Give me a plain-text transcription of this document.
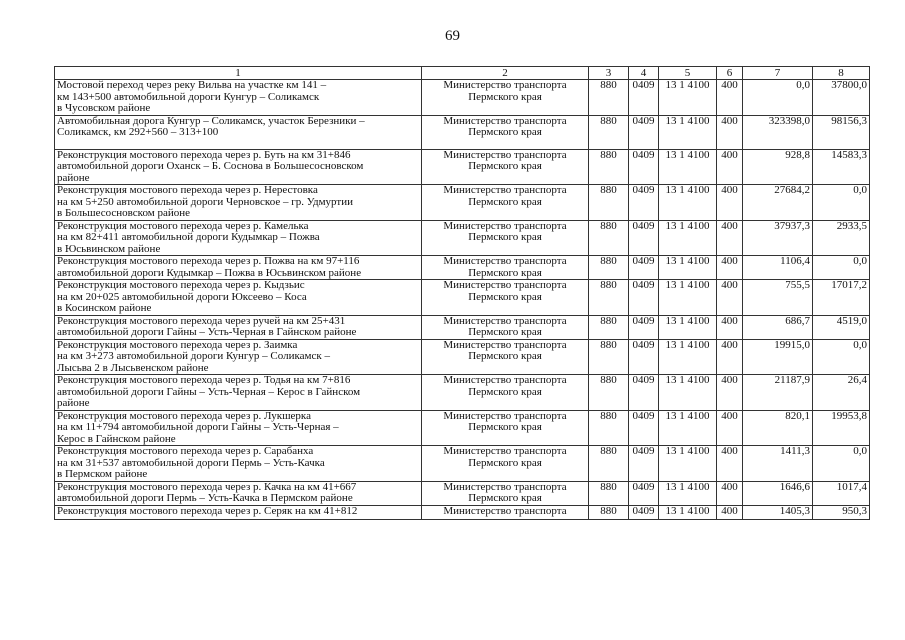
69
1	2	3	4	5	6	7	8
Мостовой переход через реку Вильва на участке км 141 –
км 143+500 автомобильной дороги Кунгур – Соликамск
в Чусовском районе	Министерство транспорта
Пермского края	880	0409	13 1 4100	400	0,0	37800,0
Автомобильная дорога Кунгур – Соликамск, участок Березники –
Соликамск, км 292+560 – 313+100	Министерство транспорта
Пермского края	880	0409	13 1 4100	400	323398,0	98156,3
Реконструкция мостового перехода через р. Буть на км 31+846
автомобильной дороги Оханск – Б. Соснова в Большесосновском
районе	Министерство транспорта
Пермского края	880	0409	13 1 4100	400	928,8	14583,3
Реконструкция мостового перехода через р. Нерестовка
на км 5+250 автомобильной дороги Черновское – гр. Удмуртии
в Большесосновском районе	Министерство транспорта
Пермского края	880	0409	13 1 4100	400	27684,2	0,0
Реконструкция мостового перехода через р. Камелька
на км 82+411 автомобильной дороги Кудымкар – Пожва
в Юсьвинском районе	Министерство транспорта
Пермского края	880	0409	13 1 4100	400	37937,3	2933,5
Реконструкция мостового перехода через р. Пожва на км 97+116
автомобильной дороги Кудымкар – Пожва в Юсьвинском районе	Министерство транспорта
Пермского края	880	0409	13 1 4100	400	1106,4	0,0
Реконструкция мостового перехода через р. Кыдзьис
на км 20+025 автомобильной дороги Юксеево – Коса
в Косинском районе	Министерство транспорта
Пермского края	880	0409	13 1 4100	400	755,5	17017,2
Реконструкция мостового перехода через ручей на км 25+431
автомобильной дороги Гайны – Усть-Черная в Гайнском районе	Министерство транспорта
Пермского края	880	0409	13 1 4100	400	686,7	4519,0
Реконструкция мостового перехода через р. Заимка
на км 3+273 автомобильной дороги Кунгур – Соликамск –
Лысьва 2 в Лысьвенском районе	Министерство транспорта
Пермского края	880	0409	13 1 4100	400	19915,0	0,0
Реконструкция мостового перехода через р. Тодья на км 7+816
автомобильной дороги Гайны – Усть-Черная – Керос в Гайнском
районе	Министерство транспорта
Пермского края	880	0409	13 1 4100	400	21187,9	26,4
Реконструкция мостового перехода через р. Лукшерка
на км 11+794 автомобильной дороги Гайны – Усть-Черная –
Керос в Гайнском районе	Министерство транспорта
Пермского края	880	0409	13 1 4100	400	820,1	19953,8
Реконструкция мостового перехода через р. Сарабанха
на км 31+537 автомобильной дороги Пермь – Усть-Качка
в Пермском районе	Министерство транспорта
Пермского края	880	0409	13 1 4100	400	1411,3	0,0
Реконструкция мостового перехода через р. Качка на км 41+667
автомобильной дороги Пермь – Усть-Качка в Пермском районе	Министерство транспорта
Пермского края	880	0409	13 1 4100	400	1646,6	1017,4
Реконструкция мостового перехода через р. Серяк на км 41+812	Министерство транспорта	880	0409	13 1 4100	400	1405,3	950,3
